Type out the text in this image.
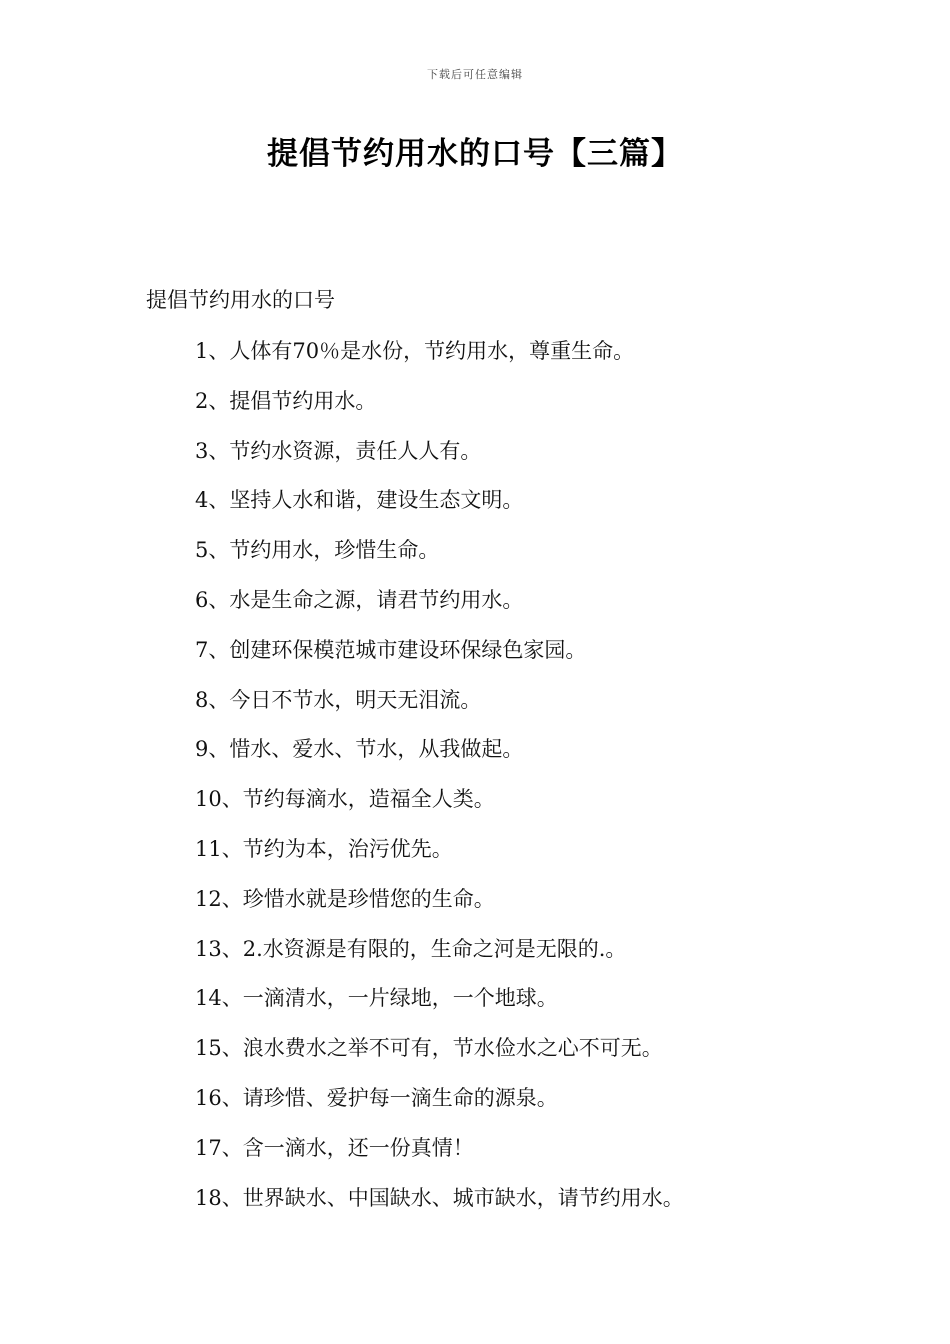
下载后可任意编辑
提倡节约用水的口号【三篇】
提倡节约用水的口号
1、人体有70％是水份，节约用水，尊重生命。
2、提倡节约用水。
3、节约水资源，责任人人有。
4、坚持人水和谐，建设生态文明。
5、节约用水，珍惜生命。
6、水是生命之源，请君节约用水。
7、创建环保模范城市建设环保绿色家园。
8、今日不节水，明天无泪流。
9、惜水、爱水、节水，从我做起。
10、节约每滴水，造福全人类。
11、节约为本，治污优先。
12、珍惜水就是珍惜您的生命。
13、2.水资源是有限的，生命之河是无限的.。
14、一滴清水，一片绿地，一个地球。
15、浪水费水之举不可有，节水俭水之心不可无。
16、请珍惜、爱护每一滴生命的源泉。
17、含一滴水，还一份真情！
18、世界缺水、中国缺水、城市缺水，请节约用水。
